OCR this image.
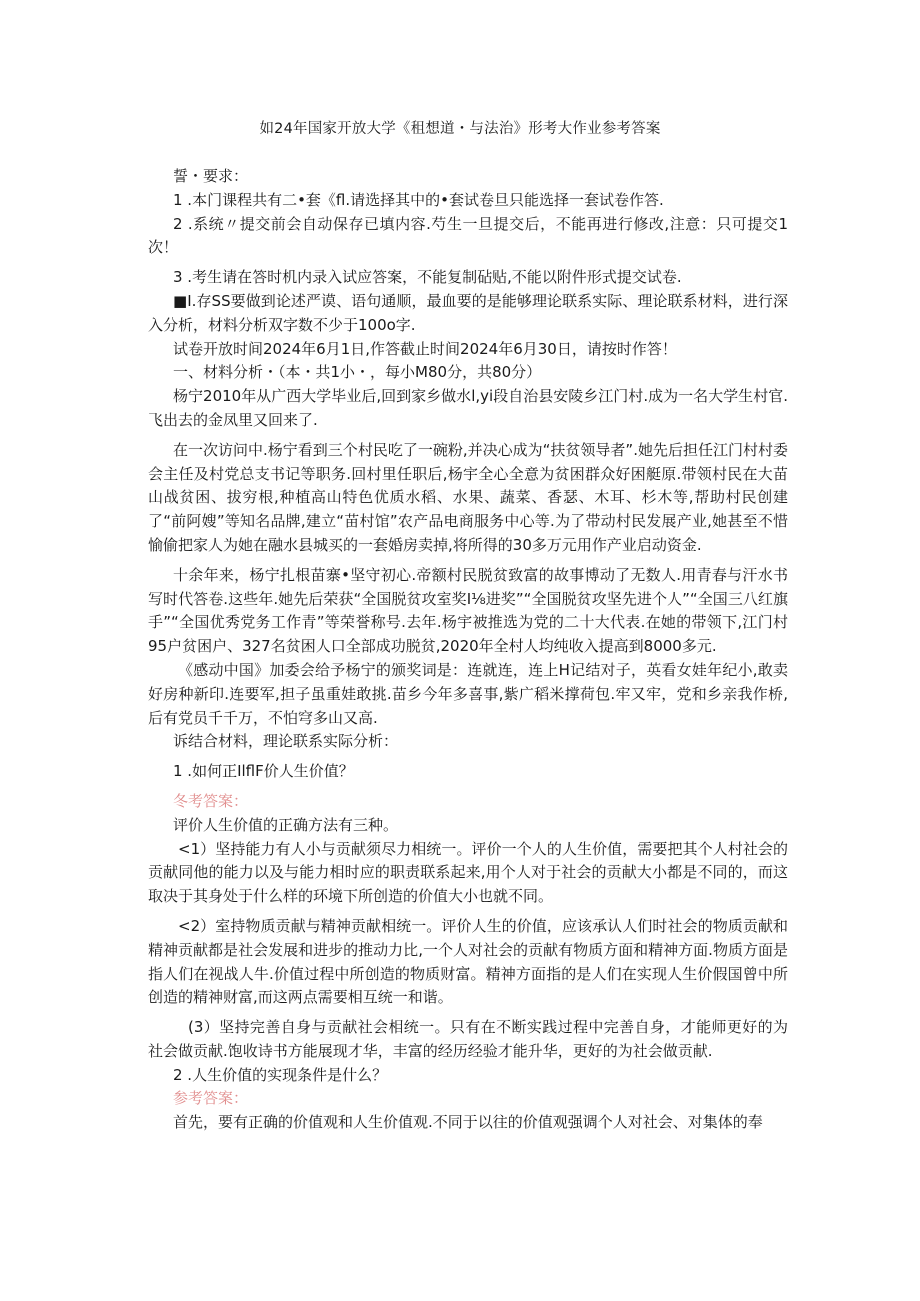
如24年国家开放大学《租想道・与法治》形考大作业参考答案

誓・要求：

1 .本门课程共有二•套《fl.请选择其中的•套试卷旦只能选择一套试卷作答.

2 .系统〃提交前会自动保存已填内容.芍生一旦提交后，不能再进行修改,注意：只可提交1次！

3 .考生请在答时机内录入试应答案，不能复制砧贴,不能以附件形式提交试卷.

■I.存SS要做到论述严谟、语句通顺，最血要的是能够理论联系实际、理论联系材料，进行深入分析，材料分析双字数不少于100o字.

试卷开放时间2024年6月1日,作答截止时间2024年6月30日，请按时作答！

一、材料分析・（本・共1小・，每小M80分，共80分）

杨宁2010年从广西大学毕业后,回到家乡做水l,yi段自治县安陵乡江门村.成为一名大学生村官.飞出去的金凤里又回来了.

在一次访问中.杨宁看到三个村民吃了一碗粉,并决心成为“扶贫领导者”.她先后担任江门村村委会主任及村党总支书记等职务.回村里任职后,杨宇全心全意为贫困群众好困艇原.带领村民在大苗山战贫困、拔穷根,种植高山特色优质水稻、水果、蔬菜、香瑟、木耳、杉木等,帮助村民创建了“前阿嫂”等知名品牌,建立“苗村馆”农产品电商服务中心等.为了带动村民发展产业,她甚至不惜愉偷把家人为她在融水县城买的一套婚房卖掉,将所得的30多万元用作产业启动资金.

十余年来，杨宁扎根苗寨•坚守初心.帝额村民脱贫致富的故事博动了无数人.用青春与汗水书写时代答卷.这些年.她先后荣获“全国脱贫攻室奖I⅛进奖”“全国脱贫攻坚先进个人”“全国三八红旗手”“全国优秀党务工作青”等荣誉称号.去年.杨宇被推选为党的二十大代表.在她的带领下,江门村95户贫困户、327名贫困人口全部成功脱贫,2020年全村人均纯收入提高到8000多元.

《感动中国》加委会给予杨宁的颁奖词是：连就连，连上H记结对子，英看女娃年纪小,敢卖好房种新印.连要军,担子虽重娃敢挑.苗乡今年多喜事,紫广稻米撑荷包.牢又牢，党和乡亲我作桥,后有党员千千万，不怕穹多山又高.

诉结合材料，理论联系实际分析：

1 .如何正IlflF价人生价值？

冬考答案：

评价人生价值的正确方法有三种。

<1）坚持能力有人小与贡献须尽力相统一。评价一个人的人生价值，需要把其个人村社会的贡献同他的能力以及与能力相时应的职责联系起来,用个人对于社会的贡献大小都是不同的，而这取决于其身处于什么样的环境下所创造的价值大小也就不同。

<2）室持物质贡献与精神贡献相统一。评价人生的价值，应该承认人们时社会的物质贡献和精神贡献都是社会发展和进步的推动力比,一个人对社会的贡献有物质方面和精神方面.物质方面是指人们在视战人牛.价值过程中所创造的物质财富。精神方面指的是人们在实现人生价假国曾中所创造的精神财富,而这两点需要相互统一和谐。

(3）坚持完善自身与贡献社会相统一。只有在不断实践过程中完善自身，才能师更好的为社会做贡献.饱收诗书方能展现才华，丰富的经历经验才能升华，更好的为社会做贡献.

2 .人生价值的实现条件是什么？

参考答案：

首先，要有正确的价值观和人生价值观.不同于以往的价值观强调个人对社会、对集体的奉
